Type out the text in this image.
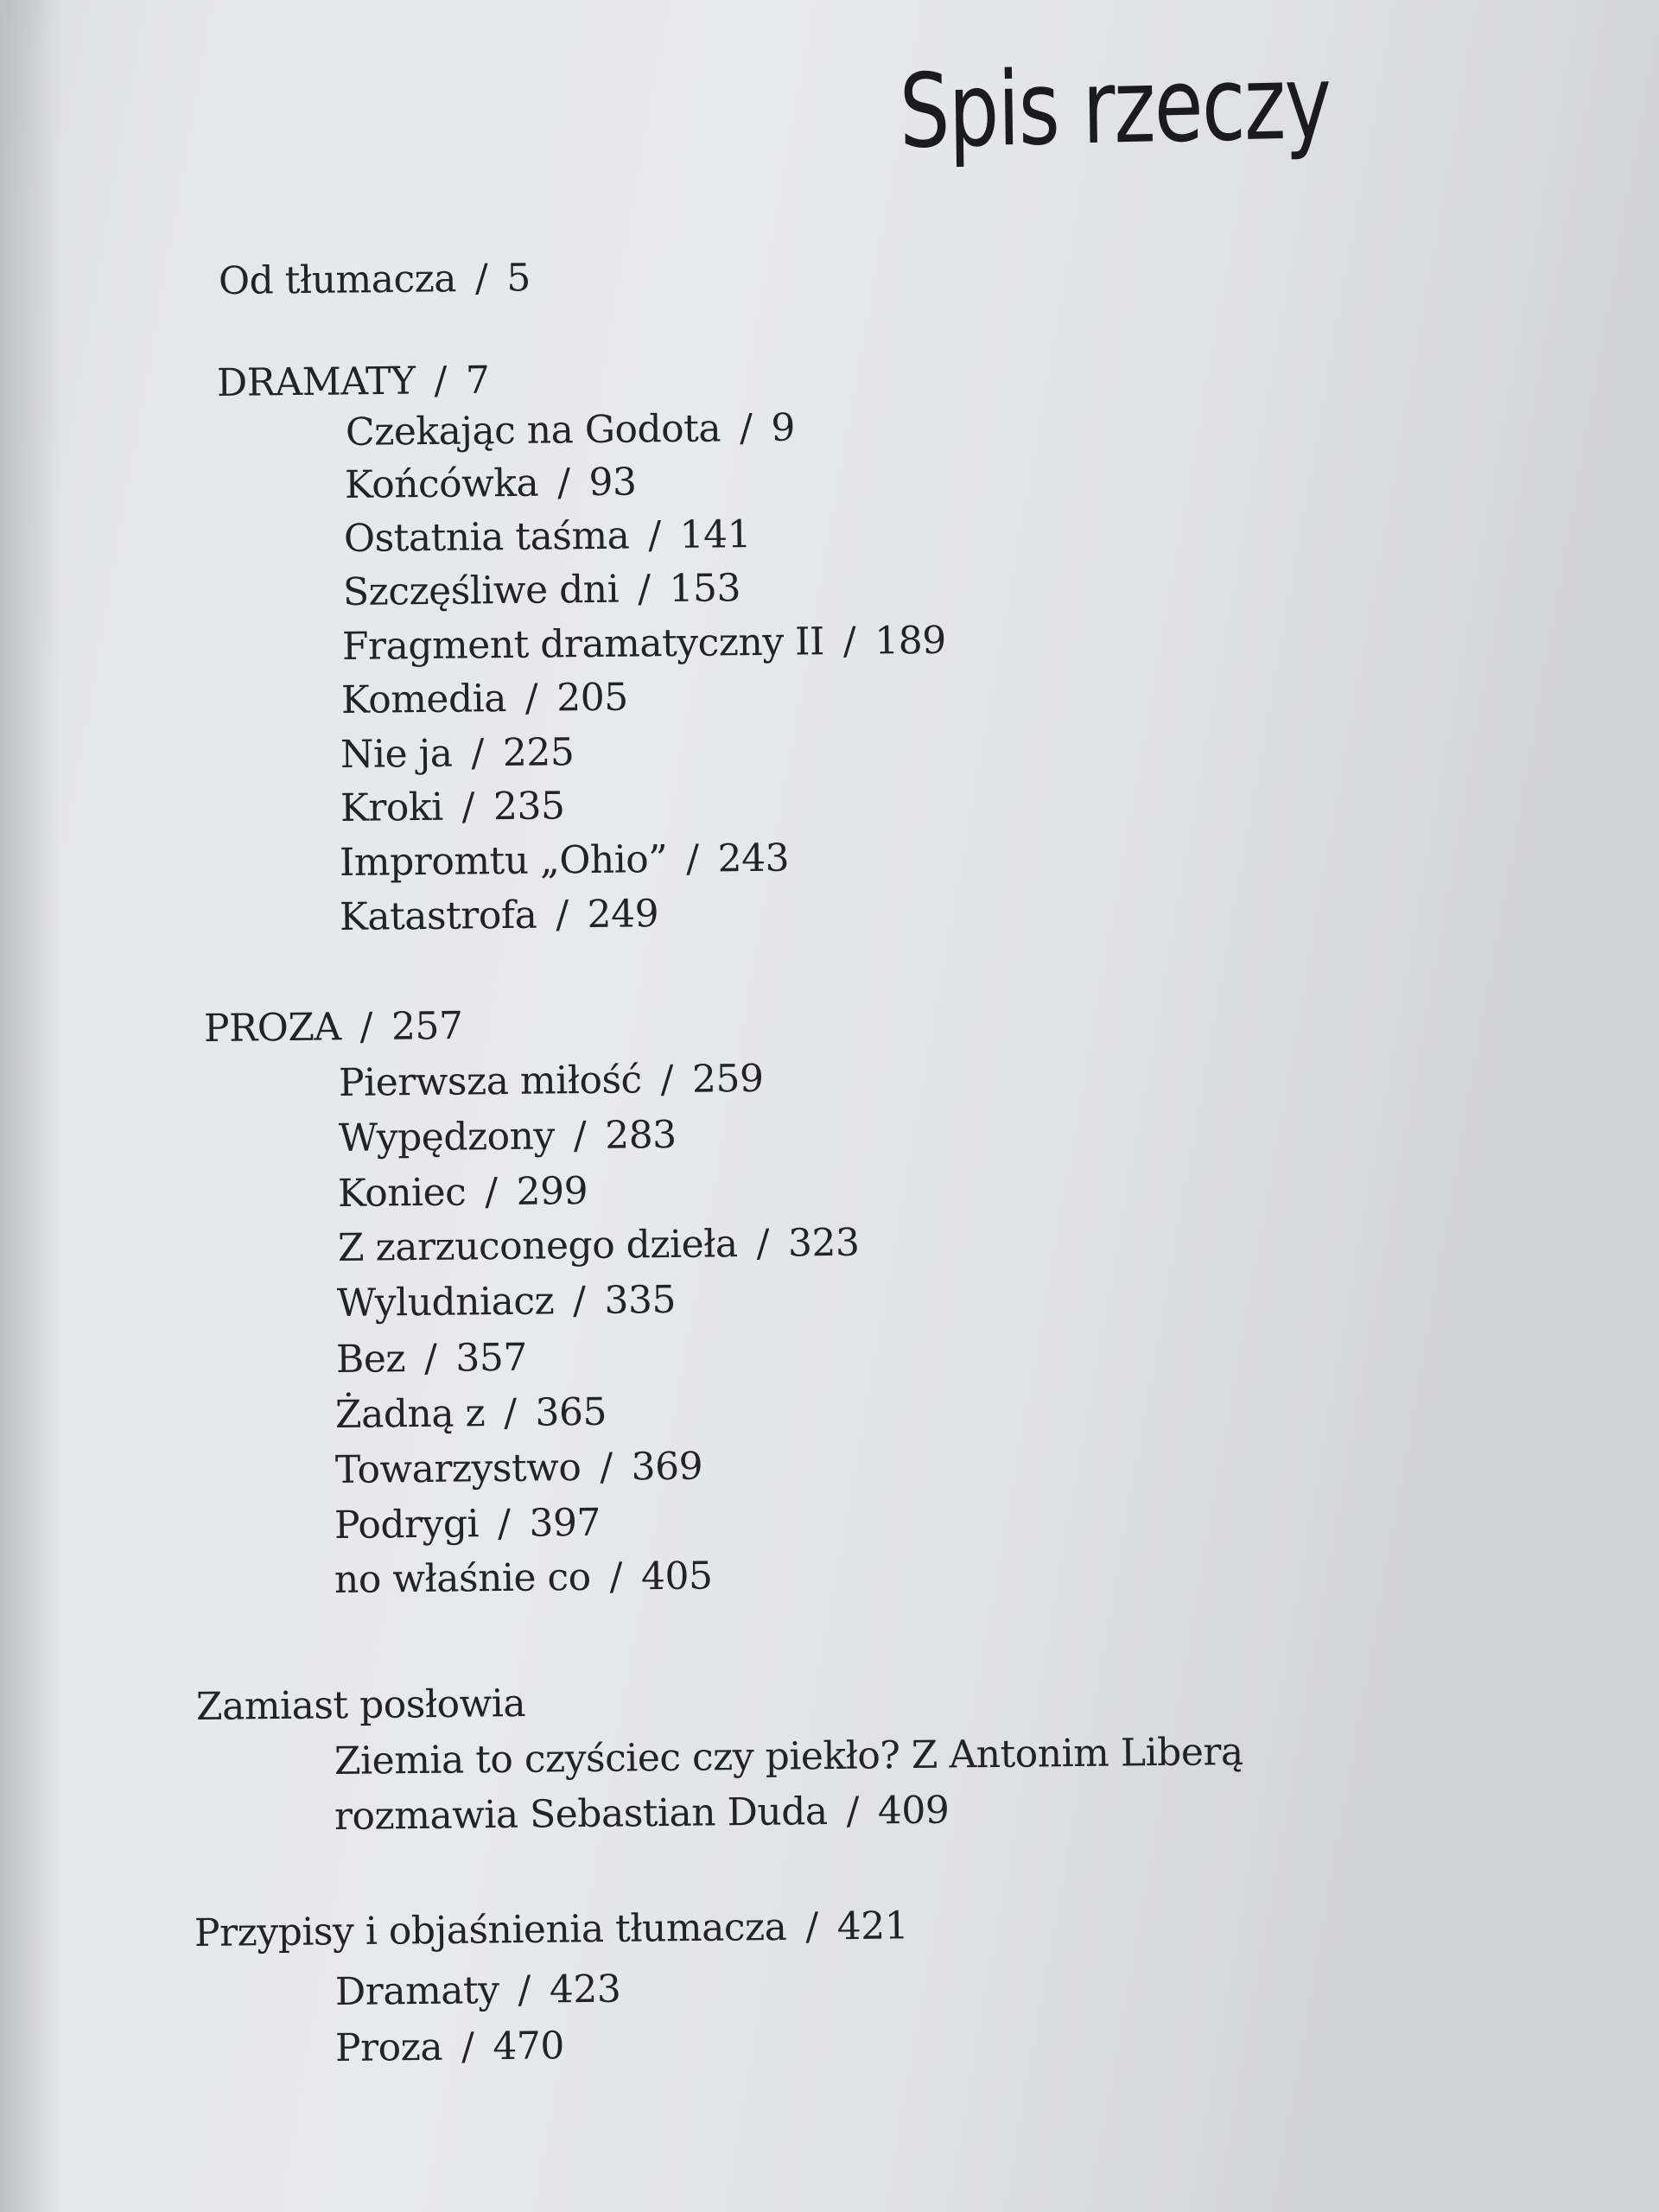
Spis rzeczy
Od tłumacza / 5
DRAMATY / 7
Czekając na Godota / 9
Końcówka / 93
Ostatnia taśma / 141
Szczęśliwe dni / 153
Fragment dramatyczny II / 189
Komedia / 205
Nie ja / 225
Kroki / 235
Impromtu „Ohio” / 243
Katastrofa / 249
PROZA / 257
Pierwsza miłość / 259
Wypędzony / 283
Koniec / 299
Z zarzuconego dzieła / 323
Wyludniacz / 335
Bez / 357
Żadną z / 365
Towarzystwo / 369
Podrygi / 397
no właśnie co / 405
Zamiast posłowia
Ziemia to czyściec czy piekło? Z Antonim Liberą
rozmawia Sebastian Duda / 409
Przypisy i objaśnienia tłumacza / 421
Dramaty / 423
Proza / 470
